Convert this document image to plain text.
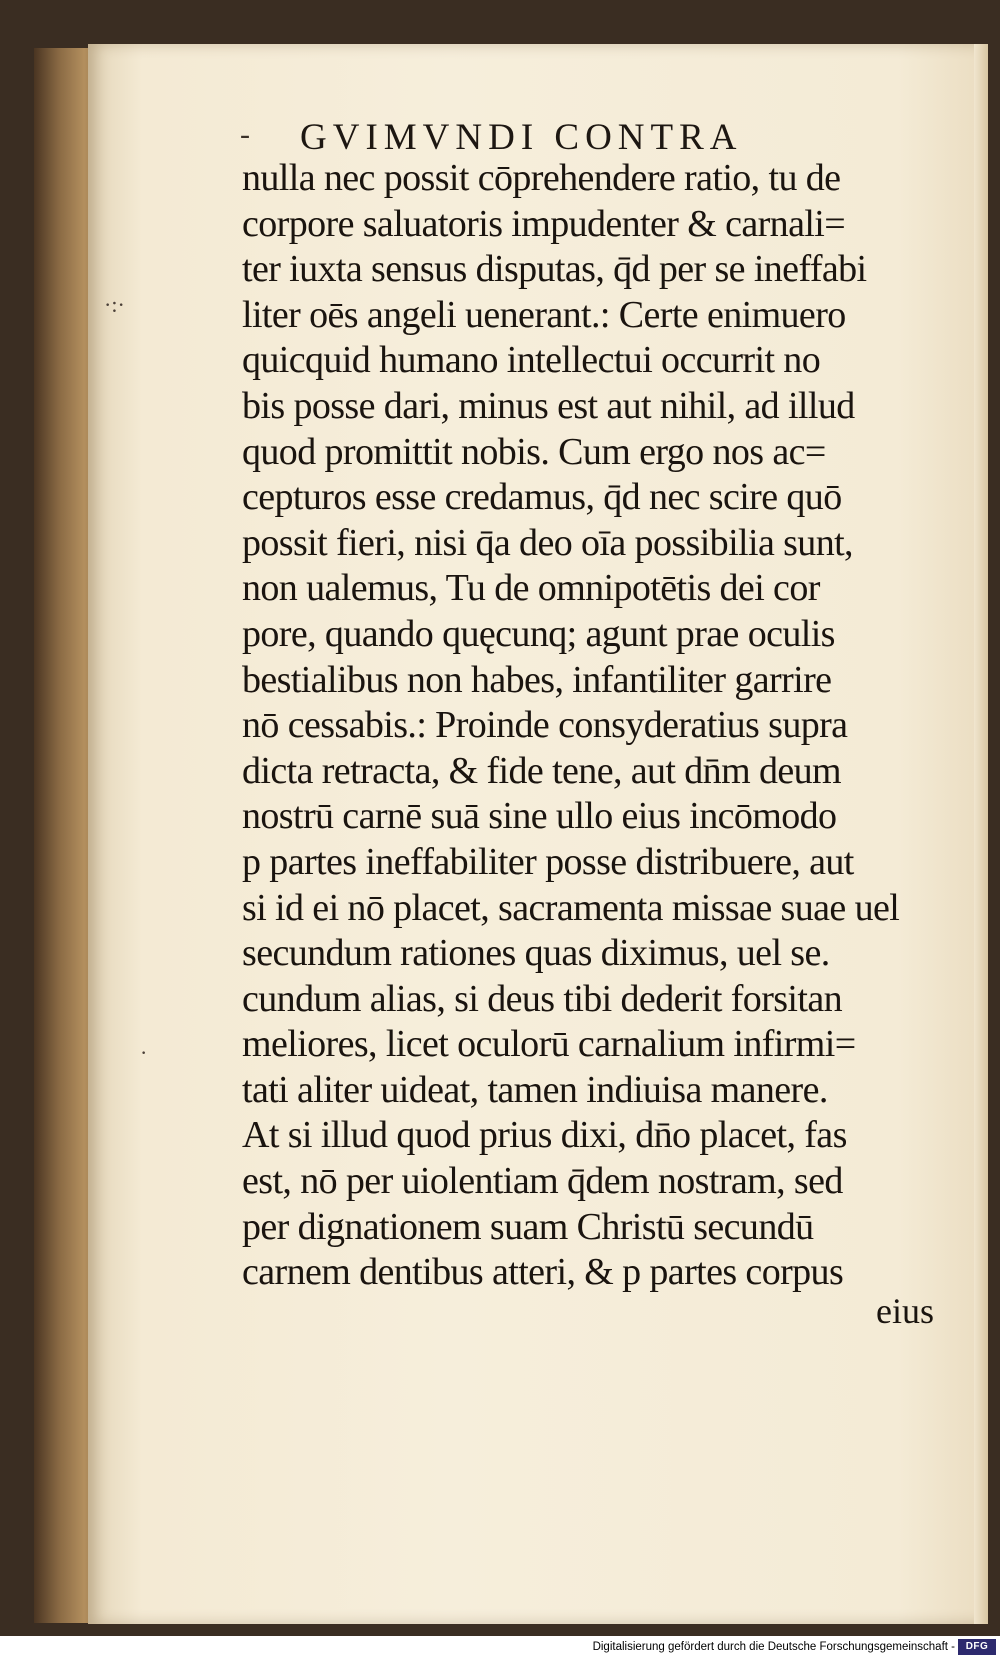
·:·
·
- GVIMVNDI CONTRA
nulla nec possit cōprehendere ratio, tu de
corpore saluatoris impudenter & carnali=
ter iuxta sensus disputas, q̄d per se ineffabi
liter oēs angeli uenerant.: Certe enimuero
quicquid humano intellectui occurrit no
bis posse dari, minus est aut nihil, ad illud
quod promittit nobis. Cum ergo nos ac=
cepturos esse credamus, q̄d nec scire quō
possit fieri, nisi q̄a deo oīa possibilia sunt,
non ualemus, Tu de omnipotētis dei cor
pore, quando quęcunq; agunt prae oculis
bestialibus non habes, infantiliter garrire
nō cessabis.: Proinde consyderatius supra
dicta retracta, & fide tene, aut dn̄m deum
nostrū carnē suā sine ullo eius incōmodo
p partes ineffabiliter posse distribuere, aut
si id ei nō placet, sacramenta missae suae uel
secundum rationes quas diximus, uel se.
cundum alias, si deus tibi dederit forsitan
meliores, licet oculorū carnalium infirmi=
tati aliter uideat, tamen indiuisa manere.
At si illud quod prius dixi, dn̄o placet, fas
est, nō per uiolentiam q̄dem nostram, sed
per dignationem suam Christū secundū
carnem dentibus atteri, & p partes corpus
eius
Digitalisierung gefördert durch die Deutsche Forschungsgemeinschaft -	DFG
